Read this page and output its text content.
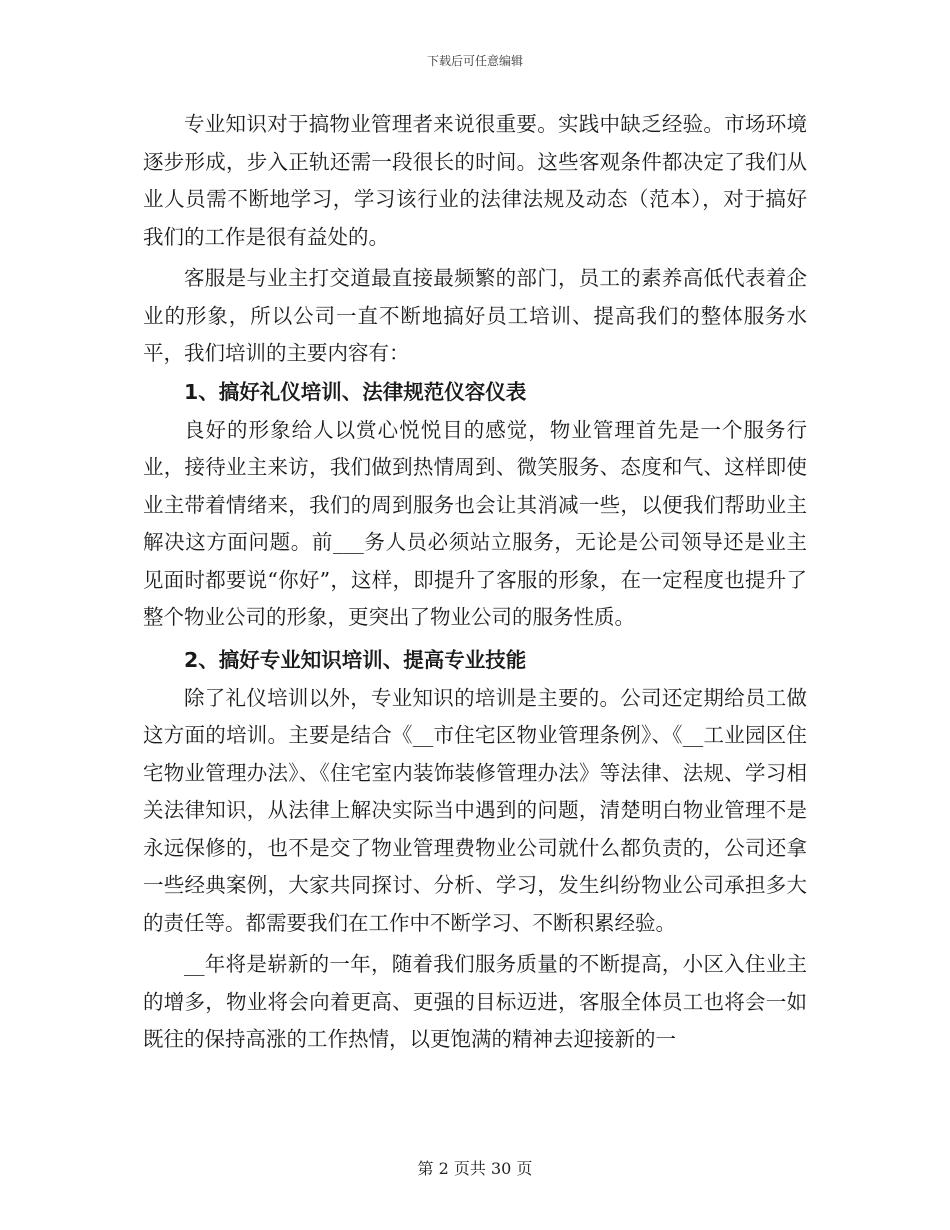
下载后可任意编辑

专业知识对于搞物业管理者来说很重要。实践中缺乏经验。市场环境逐步形成，步入正轨还需一段很长的时间。这些客观条件都决定了我们从业人员需不断地学习，学习该行业的法律法规及动态（范本），对于搞好我们的工作是很有益处的。

客服是与业主打交道最直接最频繁的部门，员工的素养高低代表着企业的形象，所以公司一直不断地搞好员工培训、提高我们的整体服务水平，我们培训的主要内容有：

1、搞好礼仪培训、法律规范仪容仪表

良好的形象给人以赏心悦悦目的感觉，物业管理首先是一个服务行业，接待业主来访，我们做到热情周到、微笑服务、态度和气、这样即使业主带着情绪来，我们的周到服务也会让其消减一些，以便我们帮助业主解决这方面问题。前___务人员必须站立服务，无论是公司领导还是业主见面时都要说“你好”，这样，即提升了客服的形象，在一定程度也提升了整个物业公司的形象，更突出了物业公司的服务性质。

2、搞好专业知识培训、提高专业技能

除了礼仪培训以外，专业知识的培训是主要的。公司还定期给员工做这方面的培训。主要是结合《__市住宅区物业管理条例》、《__工业园区住宅物业管理办法》、《住宅室内装饰装修管理办法》等法律、法规、学习相关法律知识，从法律上解决实际当中遇到的问题，清楚明白物业管理不是永远保修的，也不是交了物业管理费物业公司就什么都负责的，公司还拿一些经典案例，大家共同探讨、分析、学习，发生纠纷物业公司承担多大的责任等。都需要我们在工作中不断学习、不断积累经验。

__年将是崭新的一年，随着我们服务质量的不断提高，小区入住业主的增多，物业将会向着更高、更强的目标迈进，客服全体员工也将会一如既往的保持高涨的工作热情，以更饱满的精神去迎接新的一

第 2 页共 30 页
